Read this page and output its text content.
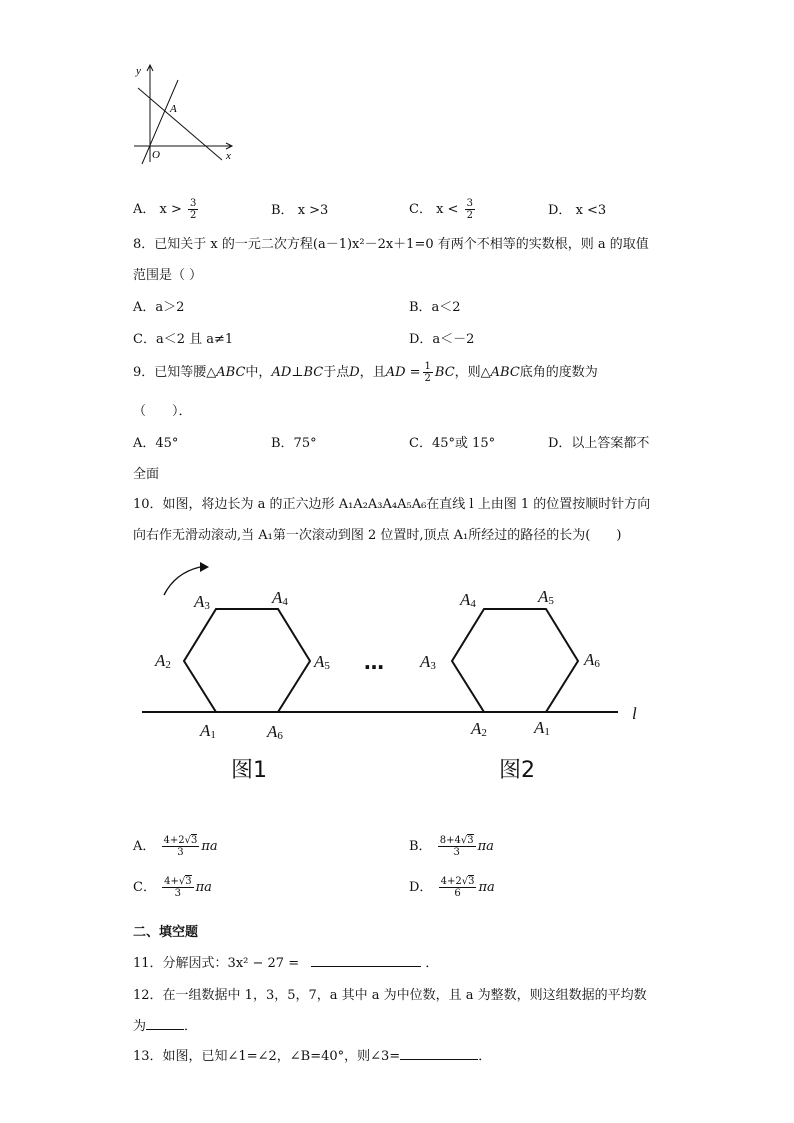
y
x
O
A
A． $x > \frac{3}{2}$	B． x >3	C． $x < \frac{3}{2}$	D． x <3
8．已知关于 x 的一元二次方程(a－1)x²－2x＋1=0 有两个不相等的实数根，则 a 的取值
范围是（ ）
A．a＞2	B．a＜2
C．a＜2 且 a≠1	D．a＜－2
9．已知等腰△ABC中，AD⊥BC于点D，且AD = $\frac{1}{2}$ BC，则△ABC底角的度数为
（　　）．
A．45°	B．75°	C．45°或 15°	D．以上答案都不
全面
10．如图，将边长为 a 的正六边形 A₁A₂A₃A₄A₅A₆在直线 l 上由图 1 的位置按顺时针方向
向右作无滑动滚动,当 A₁第一次滚动到图 2 位置时,顶点 A₁所经过的路径的长为(　　)
A3	A4
A2	A5
A1	A6
A4	A5
A3	A6
A2	A1
l
…
图1	图2
A． $\frac{4+2√3}{3}$ πa	B． $\frac{8+4√3}{3}$ πa
C． $\frac{4+√3}{3}$ πa	D． $\frac{4+2√3}{6}$ πa
二、填空题
11．分解因式：3x² − 27 =	．
12．在一组数据中 1，3，5，7，a 其中 a 为中位数，且 a 为整数，则这组数据的平均数
为	．
13．如图，已知∠1=∠2，∠B=40°，则∠3=	．
